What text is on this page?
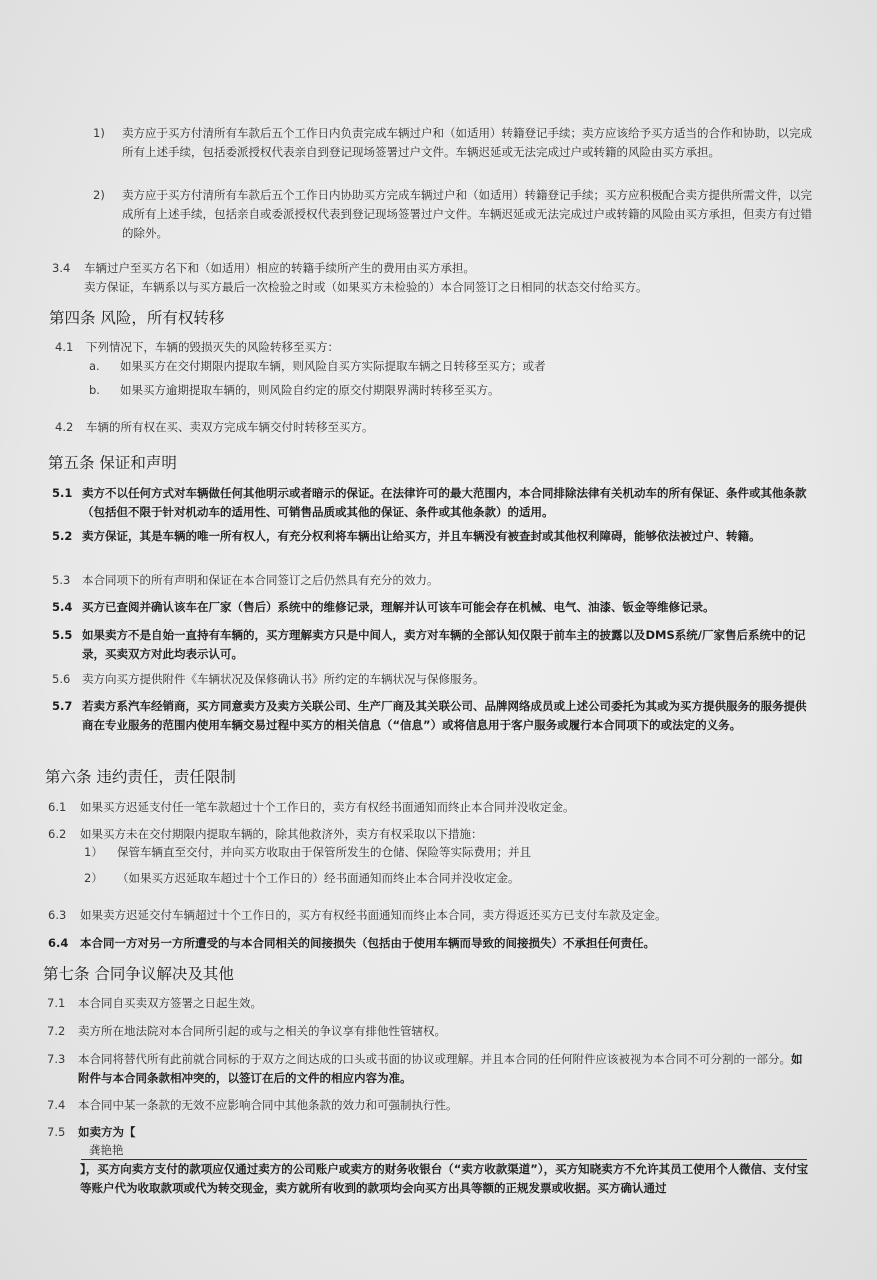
1) 卖方应于买方付清所有车款后五个工作日内负责完成车辆过户和（如适用）转籍登记手续；卖方应该给予买方适当的合作和协助，以完成所有上述手续，包括委派授权代表亲自到登记现场签署过户文件。车辆迟延或无法完成过户或转籍的风险由买方承担。
2) 卖方应于买方付清所有车款后五个工作日内协助买方完成车辆过户和（如适用）转籍登记手续；买方应积极配合卖方提供所需文件，以完成所有上述手续，包括亲自或委派授权代表到登记现场签署过户文件。车辆迟延或无法完成过户或转籍的风险由买方承担，但卖方有过错的除外。
3.4 车辆过户至买方名下和（如适用）相应的转籍手续所产生的费用由买方承担。
卖方保证，车辆系以与买方最后一次检验之时或（如果买方未检验的）本合同签订之日相同的状态交付给买方。
第四条 风险，所有权转移
4.1 下列情况下，车辆的毁损灭失的风险转移至买方：
a. 如果买方在交付期限内提取车辆，则风险自买方实际提取车辆之日转移至买方；或者
b. 如果买方逾期提取车辆的，则风险自约定的原交付期限界满时转移至买方。
4.2 车辆的所有权在买、卖双方完成车辆交付时转移至买方。
第五条 保证和声明
5.1 卖方不以任何方式对车辆做任何其他明示或者暗示的保证。在法律许可的最大范围内，本合同排除法律有关机动车的所有保证、条件或其他条款（包括但不限于针对机动车的适用性、可销售品质或其他的保证、条件或其他条款）的适用。
5.2 卖方保证，其是车辆的唯一所有权人，有充分权利将车辆出让给买方，并且车辆没有被查封或其他权利障碍，能够依法被过户、转籍。
5.3 本合同项下的所有声明和保证在本合同签订之后仍然具有充分的效力。
5.4 买方已查阅并确认该车在厂家（售后）系统中的维修记录，理解并认可该车可能会存在机械、电气、油漆、钣金等维修记录。
5.5 如果卖方不是自始一直持有车辆的，买方理解卖方只是中间人，卖方对车辆的全部认知仅限于前车主的披露以及DMS系统/厂家售后系统中的记录，买卖双方对此均表示认可。
5.6 卖方向买方提供附件《车辆状况及保修确认书》所约定的车辆状况与保修服务。
5.7 若卖方系汽车经销商，买方同意卖方及卖方关联公司、生产厂商及其关联公司、品牌网络成员或上述公司委托为其或为买方提供服务的服务提供商在专业服务的范围内使用车辆交易过程中买方的相关信息（“信息”）或将信息用于客户服务或履行本合同项下的或法定的义务。
第六条 违约责任，责任限制
6.1 如果买方迟延支付任一笔车款超过十个工作日的，卖方有权经书面通知而终止本合同并没收定金。
6.2 如果买方未在交付期限内提取车辆的，除其他救济外，卖方有权采取以下措施：
1） 保管车辆直至交付，并向买方收取由于保管所发生的仓储、保险等实际费用；并且
2） （如果买方迟延取车超过十个工作日的）经书面通知而终止本合同并没收定金。
6.3 如果卖方迟延交付车辆超过十个工作日的，买方有权经书面通知而终止本合同，卖方得返还买方已支付车款及定金。
6.4 本合同一方对另一方所遭受的与本合同相关的间接损失（包括由于使用车辆而导致的间接损失）不承担任何责任。
第七条 合同争议解决及其他
7.1 本合同自买卖双方签署之日起生效。
7.2 卖方所在地法院对本合同所引起的或与之相关的争议享有排他性管辖权。
7.3 本合同将替代所有此前就合同标的于双方之间达成的口头或书面的协议或理解。并且本合同的任何附件应该被视为本合同不可分割的一部分。如附件与本合同条款相冲突的，以签订在后的文件的相应内容为准。
7.4 本合同中某一条款的无效不应影响合同中其他条款的效力和可强制执行性。
7.5 如卖方为【
龚艳艳
】，买方向卖方支付的款项应仅通过卖方的公司账户或卖方的财务收银台（“卖方收款渠道”），买方知晓卖方不允许其员工使用个人微信、支付宝等账户代为收取款项或代为转交现金，卖方就所有收到的款项均会向买方出具等额的正规发票或收据。买方确认通过
